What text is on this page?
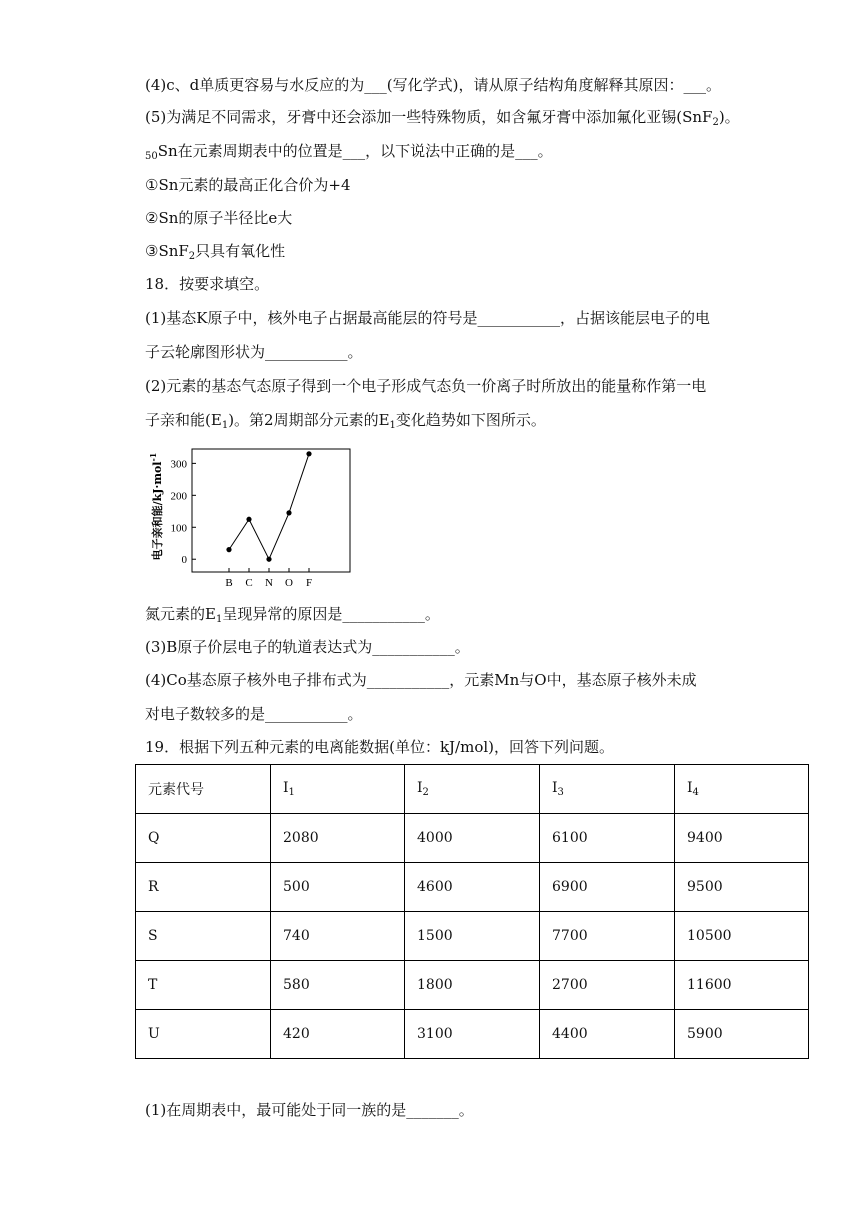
(4)c、d单质更容易与水反应的为___(写化学式)，请从原子结构角度解释其原因：___。
(5)为满足不同需求，牙膏中还会添加一些特殊物质，如含氟牙膏中添加氟化亚锡(SnF$_2$)。
$_{50}$Sn在元素周期表中的位置是___，以下说法中正确的是___。
①Sn元素的最高正化合价为+4
②Sn的原子半径比e大
③SnF$_2$只具有氧化性
18．按要求填空。
(1)基态K原子中，核外电子占据最高能层的符号是___________，占据该能层电子的电
子云轮廓图形状为___________。
(2)元素的基态气态原子得到一个电子形成气态负一价离子时所放出的能量称作第一电
子亲和能$(E_1)$。第2周期部分元素的$E_1$变化趋势如下图所示。
0
100
200
300
B C N O F
电子亲和能/kJ·mol$^{-1}$
氮元素的$E_1$呈现异常的原因是___________。
(3)B原子价层电子的轨道表达式为___________。
(4)Co基态原子核外电子排布式为___________，元素Mn与O中，基态原子核外未成
对电子数较多的是___________。
19．根据下列五种元素的电离能数据(单位：kJ/mol)，回答下列问题。
元素代号	$I_1$	$I_2$	$I_3$	$I_4$
Q	2080	4000	6100	9400
R	500	4600	6900	9500
S	740	1500	7700	10500
T	580	1800	2700	11600
U	420	3100	4400	5900
(1)在周期表中，最可能处于同一族的是_______。
